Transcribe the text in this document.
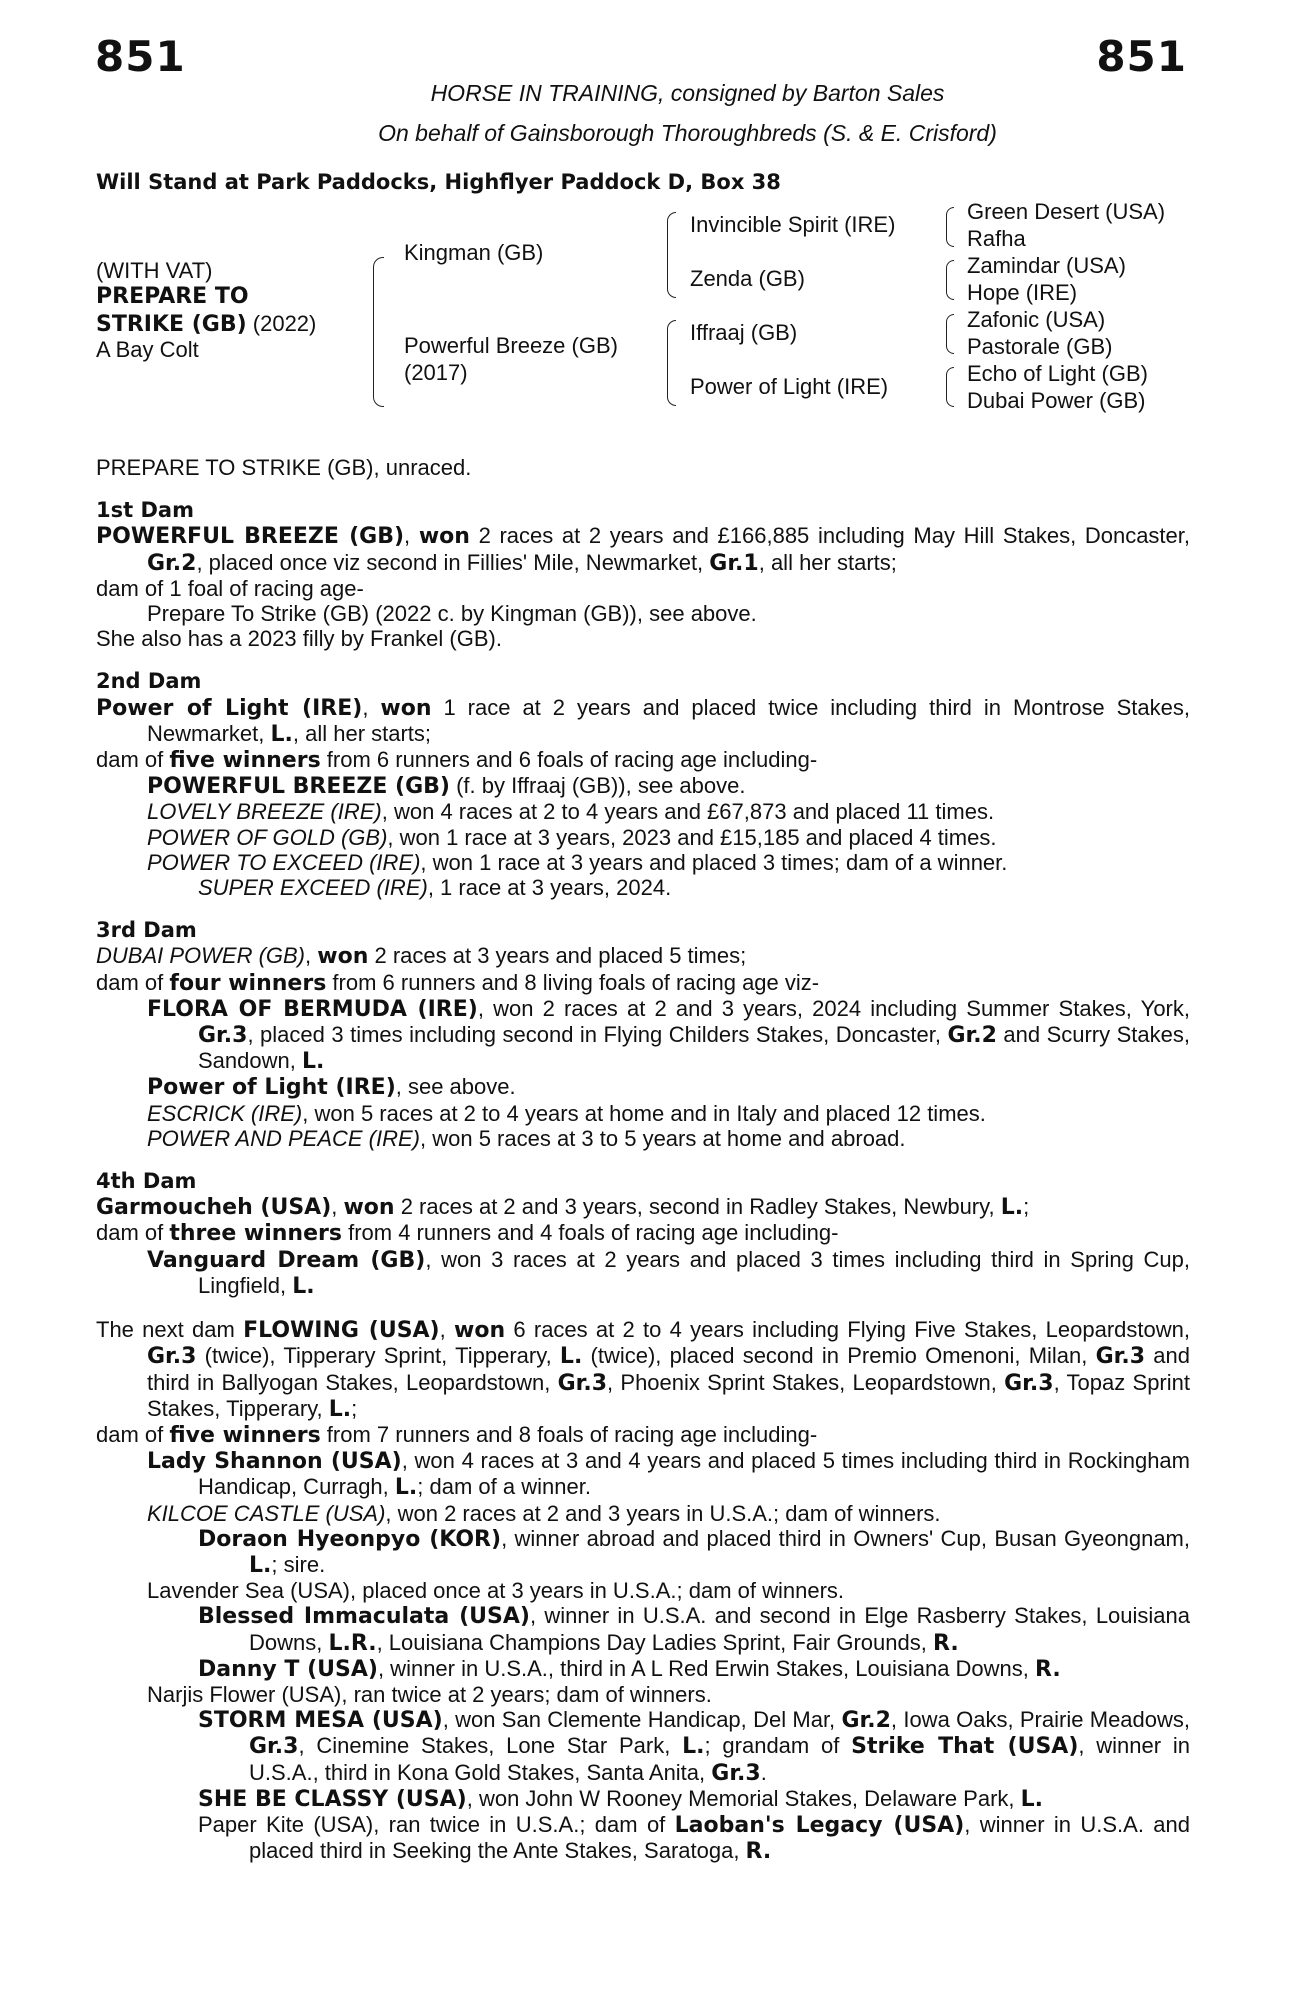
851	851
HORSE IN TRAINING, consigned by Barton Sales
On behalf of Gainsborough Thoroughbreds (S. & E. Crisford)
Will Stand at Park Paddocks, Highflyer Paddock D, Box 38
(WITH VAT)
PREPARE TO
STRIKE (GB) (2022)
A Bay Colt
Kingman (GB)
Powerful Breeze (GB)
(2017)
Invincible Spirit (IRE)
Zenda (GB)
Iffraaj (GB)
Power of Light (IRE)
Green Desert (USA)
Rafha
Zamindar (USA)
Hope (IRE)
Zafonic (USA)
Pastorale (GB)
Echo of Light (GB)
Dubai Power (GB)

PREPARE TO STRIKE (GB), unraced.

1st Dam

POWERFUL BREEZE (GB), won 2 races at 2 years and £166,885 including May Hill Stakes, Doncaster, Gr.2, placed once viz second in Fillies' Mile, Newmarket, Gr.1, all her starts;

dam of 1 foal of racing age-

Prepare To Strike (GB) (2022 c. by Kingman (GB)), see above.

She also has a 2023 filly by Frankel (GB).

2nd Dam

Power of Light (IRE), won 1 race at 2 years and placed twice including third in Montrose Stakes, Newmarket, L., all her starts;

dam of five winners from 6 runners and 6 foals of racing age including-

POWERFUL BREEZE (GB) (f. by Iffraaj (GB)), see above.

LOVELY BREEZE (IRE), won 4 races at 2 to 4 years and £67,873 and placed 11 times.

POWER OF GOLD (GB), won 1 race at 3 years, 2023 and £15,185 and placed 4 times.

POWER TO EXCEED (IRE), won 1 race at 3 years and placed 3 times; dam of a winner.

SUPER EXCEED (IRE), 1 race at 3 years, 2024.

3rd Dam

DUBAI POWER (GB), won 2 races at 3 years and placed 5 times;

dam of four winners from 6 runners and 8 living foals of racing age viz-

FLORA OF BERMUDA (IRE), won 2 races at 2 and 3 years, 2024 including Summer Stakes, York, Gr.3, placed 3 times including second in Flying Childers Stakes, Doncaster, Gr.2 and Scurry Stakes, Sandown, L.

Power of Light (IRE), see above.

ESCRICK (IRE), won 5 races at 2 to 4 years at home and in Italy and placed 12 times.

POWER AND PEACE (IRE), won 5 races at 3 to 5 years at home and abroad.

4th Dam

Garmoucheh (USA), won 2 races at 2 and 3 years, second in Radley Stakes, Newbury, L.;

dam of three winners from 4 runners and 4 foals of racing age including-

Vanguard Dream (GB), won 3 races at 2 years and placed 3 times including third in Spring Cup, Lingfield, L.

The next dam FLOWING (USA), won 6 races at 2 to 4 years including Flying Five Stakes, Leopardstown, Gr.3 (twice), Tipperary Sprint, Tipperary, L. (twice), placed second in Premio Omenoni, Milan, Gr.3 and third in Ballyogan Stakes, Leopardstown, Gr.3, Phoenix Sprint Stakes, Leopardstown, Gr.3, Topaz Sprint Stakes, Tipperary, L.;

dam of five winners from 7 runners and 8 foals of racing age including-

Lady Shannon (USA), won 4 races at 3 and 4 years and placed 5 times including third in Rockingham Handicap, Curragh, L.; dam of a winner.

KILCOE CASTLE (USA), won 2 races at 2 and 3 years in U.S.A.; dam of winners.

Doraon Hyeonpyo (KOR), winner abroad and placed third in Owners' Cup, Busan Gyeongnam, L.; sire.

Lavender Sea (USA), placed once at 3 years in U.S.A.; dam of winners.

Blessed Immaculata (USA), winner in U.S.A. and second in Elge Rasberry Stakes, Louisiana Downs, L.R., Louisiana Champions Day Ladies Sprint, Fair Grounds, R.

Danny T (USA), winner in U.S.A., third in A L Red Erwin Stakes, Louisiana Downs, R.

Narjis Flower (USA), ran twice at 2 years; dam of winners.

STORM MESA (USA), won San Clemente Handicap, Del Mar, Gr.2, Iowa Oaks, Prairie Meadows, Gr.3, Cinemine Stakes, Lone Star Park, L.; grandam of Strike That (USA), winner in U.S.A., third in Kona Gold Stakes, Santa Anita, Gr.3.

SHE BE CLASSY (USA), won John W Rooney Memorial Stakes, Delaware Park, L.

Paper Kite (USA), ran twice in U.S.A.; dam of Laoban's Legacy (USA), winner in U.S.A. and placed third in Seeking the Ante Stakes, Saratoga, R.
